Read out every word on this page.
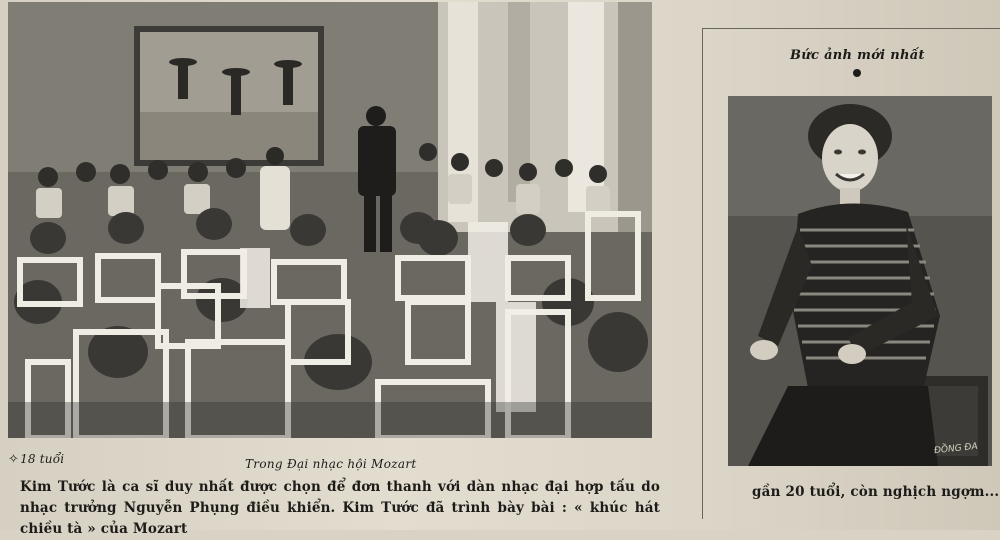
✧18 tuổi	Trong Đại nhạc hội Mozart
Kim Tước là ca sĩ duy nhất được chọn để đơn thanh với dàn nhạc đại hợp tấu do nhạc trưởng Nguyễn Phụng điều khiển. Kim Tước đã trình bày bài : « khúc hát chiều tà » của Mozart
Bức ảnh mới nhất
ĐỒNG ĐA
gần 20 tuổi, còn nghịch ngợm...
